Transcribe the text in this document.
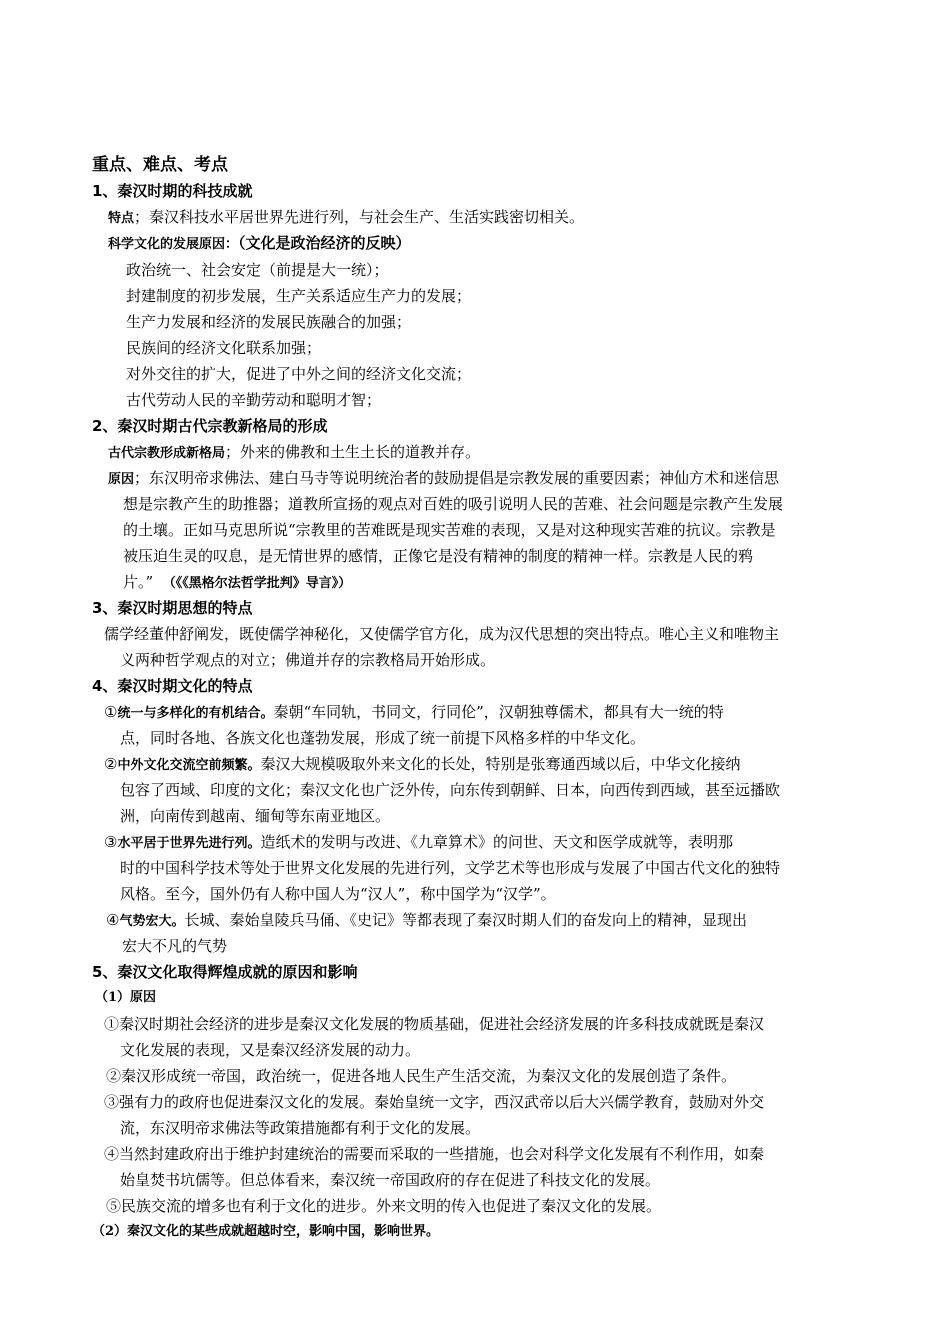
重点、难点、考点
1、秦汉时期的科技成就
特点；秦汉科技水平居世界先进行列，与社会生产、生活实践密切相关。
科学文化的发展原因：（文化是政治经济的反映）
政治统一、社会安定（前提是大一统）；
封建制度的初步发展，生产关系适应生产力的发展；
生产力发展和经济的发展民族融合的加强；
民族间的经济文化联系加强；
对外交往的扩大，促进了中外之间的经济文化交流；
古代劳动人民的辛勤劳动和聪明才智；
2、秦汉时期古代宗教新格局的形成
古代宗教形成新格局；外来的佛教和土生土长的道教并存。
原因；东汉明帝求佛法、建白马寺等说明统治者的鼓励提倡是宗教发展的重要因素；神仙方术和迷信思
想是宗教产生的助推器；道教所宣扬的观点对百姓的吸引说明人民的苦难、社会问题是宗教产生发展
的土壤。正如马克思所说“宗教里的苦难既是现实苦难的表现，又是对这种现实苦难的抗议。宗教是
被压迫生灵的叹息，是无情世界的感情，正像它是没有精神的制度的精神一样。宗教是人民的鸦
片。” （《《黑格尔法哲学批判》导言》）
3、秦汉时期思想的特点
儒学经董仲舒阐发，既使儒学神秘化，又使儒学官方化，成为汉代思想的突出特点。唯心主义和唯物主
义两种哲学观点的对立；佛道并存的宗教格局开始形成。
4、秦汉时期文化的特点
①统一与多样化的有机结合。秦朝“车同轨，书同文，行同伦”，汉朝独尊儒术，都具有大一统的特
点，同时各地、各族文化也蓬勃发展，形成了统一前提下风格多样的中华文化。
②中外文化交流空前频繁。秦汉大规模吸取外来文化的长处，特别是张骞通西域以后，中华文化接纳
包容了西域、印度的文化；秦汉文化也广泛外传，向东传到朝鲜、日本，向西传到西域，甚至远播欧
洲，向南传到越南、缅甸等东南亚地区。
③水平居于世界先进行列。造纸术的发明与改进、《九章算术》的问世、天文和医学成就等，表明那
时的中国科学技术等处于世界文化发展的先进行列，文学艺术等也形成与发展了中国古代文化的独特
风格。至今，国外仍有人称中国人为“汉人”，称中国学为“汉学”。
④气势宏大。长城、秦始皇陵兵马俑、《史记》等都表现了秦汉时期人们的奋发向上的精神，显现出
宏大不凡的气势
5、秦汉文化取得辉煌成就的原因和影响
（1）原因
①秦汉时期社会经济的进步是秦汉文化发展的物质基础，促进社会经济发展的许多科技成就既是秦汉
文化发展的表现，又是秦汉经济发展的动力。
②秦汉形成统一帝国，政治统一，促进各地人民生产生活交流，为秦汉文化的发展创造了条件。
③强有力的政府也促进秦汉文化的发展。秦始皇统一文字，西汉武帝以后大兴儒学教育，鼓励对外交
流，东汉明帝求佛法等政策措施都有利于文化的发展。
④当然封建政府出于维护封建统治的需要而采取的一些措施，也会对科学文化发展有不利作用，如秦
始皇焚书坑儒等。但总体看来，秦汉统一帝国政府的存在促进了科技文化的发展。
⑤民族交流的增多也有利于文化的进步。外来文明的传入也促进了秦汉文化的发展。
（2）秦汉文化的某些成就超越时空，影响中国，影响世界。
